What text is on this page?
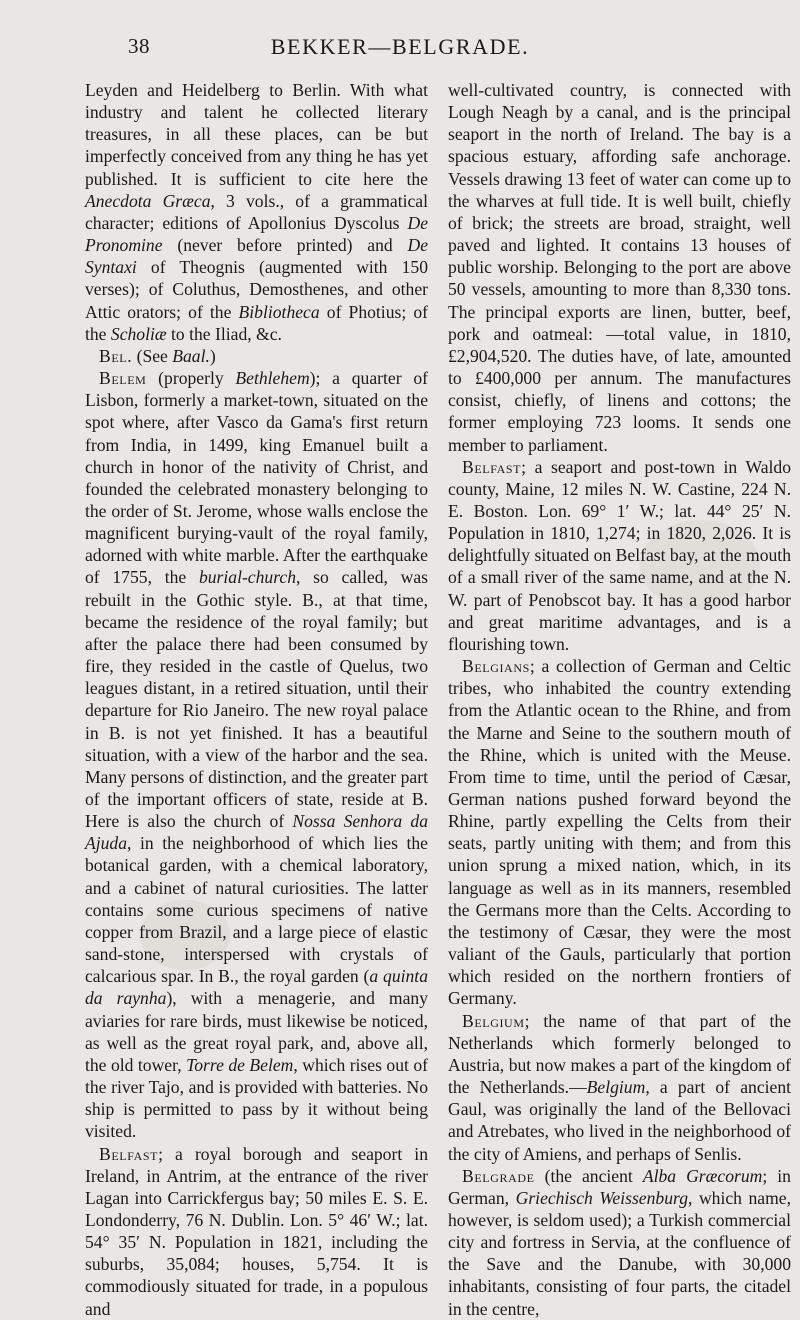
38	BEKKER—BELGRADE.

Leyden and Heidelberg to Berlin. With what industry and talent he collected literary treasures, in all these places, can be but imperfectly conceived from any thing he has yet published. It is sufficient to cite here the Anecdota Græca, 3 vols., of a grammatical character; editions of Apollonius Dyscolus De Pronomine (never before printed) and De Syntaxi of Theognis (augmented with 150 verses); of Coluthus, Demosthenes, and other Attic orators; of the Bibliotheca of Photius; of the Scholiæ to the Iliad, &c.

Bel. (See Baal.)

Belem (properly Bethlehem); a quarter of Lisbon, formerly a market-town, situated on the spot where, after Vasco da Gama's first return from India, in 1499, king Emanuel built a church in honor of the nativity of Christ, and founded the celebrated monastery belonging to the order of St. Jerome, whose walls enclose the magnificent burying-vault of the royal family, adorned with white marble. After the earthquake of 1755, the burial-church, so called, was rebuilt in the Gothic style. B., at that time, became the residence of the royal family; but after the palace there had been consumed by fire, they resided in the castle of Quelus, two leagues distant, in a retired situation, until their departure for Rio Janeiro. The new royal palace in B. is not yet finished. It has a beautiful situation, with a view of the harbor and the sea. Many persons of distinction, and the greater part of the important officers of state, reside at B. Here is also the church of Nossa Senhora da Ajuda, in the neighborhood of which lies the botanical garden, with a chemical laboratory, and a cabinet of natural curiosities. The latter contains some curious specimens of native copper from Brazil, and a large piece of elastic sand-stone, interspersed with crystals of calcarious spar. In B., the royal garden (a quinta da raynha), with a menagerie, and many aviaries for rare birds, must likewise be noticed, as well as the great royal park, and, above all, the old tower, Torre de Belem, which rises out of the river Tajo, and is provided with batteries. No ship is permitted to pass by it without being visited.

Belfast; a royal borough and seaport in Ireland, in Antrim, at the entrance of the river Lagan into Carrickfergus bay; 50 miles E. S. E. Londonderry, 76 N. Dublin. Lon. 5° 46′ W.; lat. 54° 35′ N. Population in 1821, including the suburbs, 35,084; houses, 5,754. It is commodiously situated for trade, in a populous and

well-cultivated country, is connected with Lough Neagh by a canal, and is the principal seaport in the north of Ireland. The bay is a spacious estuary, affording safe anchorage. Vessels drawing 13 feet of water can come up to the wharves at full tide. It is well built, chiefly of brick; the streets are broad, straight, well paved and lighted. It contains 13 houses of public worship. Belonging to the port are above 50 vessels, amounting to more than 8,330 tons. The principal exports are linen, butter, beef, pork and oatmeal: —total value, in 1810, £2,904,520. The duties have, of late, amounted to £400,000 per annum. The manufactures consist, chiefly, of linens and cottons; the former employing 723 looms. It sends one member to parliament.

Belfast; a seaport and post-town in Waldo county, Maine, 12 miles N. W. Castine, 224 N. E. Boston. Lon. 69° 1′ W.; lat. 44° 25′ N. Population in 1810, 1,274; in 1820, 2,026. It is delightfully situated on Belfast bay, at the mouth of a small river of the same name, and at the N. W. part of Penobscot bay. It has a good harbor and great maritime advantages, and is a flourishing town.

Belgians; a collection of German and Celtic tribes, who inhabited the country extending from the Atlantic ocean to the Rhine, and from the Marne and Seine to the southern mouth of the Rhine, which is united with the Meuse. From time to time, until the period of Cæsar, German nations pushed forward beyond the Rhine, partly expelling the Celts from their seats, partly uniting with them; and from this union sprung a mixed nation, which, in its language as well as in its manners, resembled the Germans more than the Celts. According to the testimony of Cæsar, they were the most valiant of the Gauls, particularly that portion which resided on the northern frontiers of Germany.

Belgium; the name of that part of the Netherlands which formerly belonged to Austria, but now makes a part of the kingdom of the Netherlands.—Belgium, a part of ancient Gaul, was originally the land of the Bellovaci and Atrebates, who lived in the neighborhood of the city of Amiens, and perhaps of Senlis.

Belgrade (the ancient Alba Græcorum; in German, Griechisch Weissenburg, which name, however, is seldom used); a Turkish commercial city and fortress in Servia, at the confluence of the Save and the Danube, with 30,000 inhabitants, consisting of four parts, the citadel in the centre,
